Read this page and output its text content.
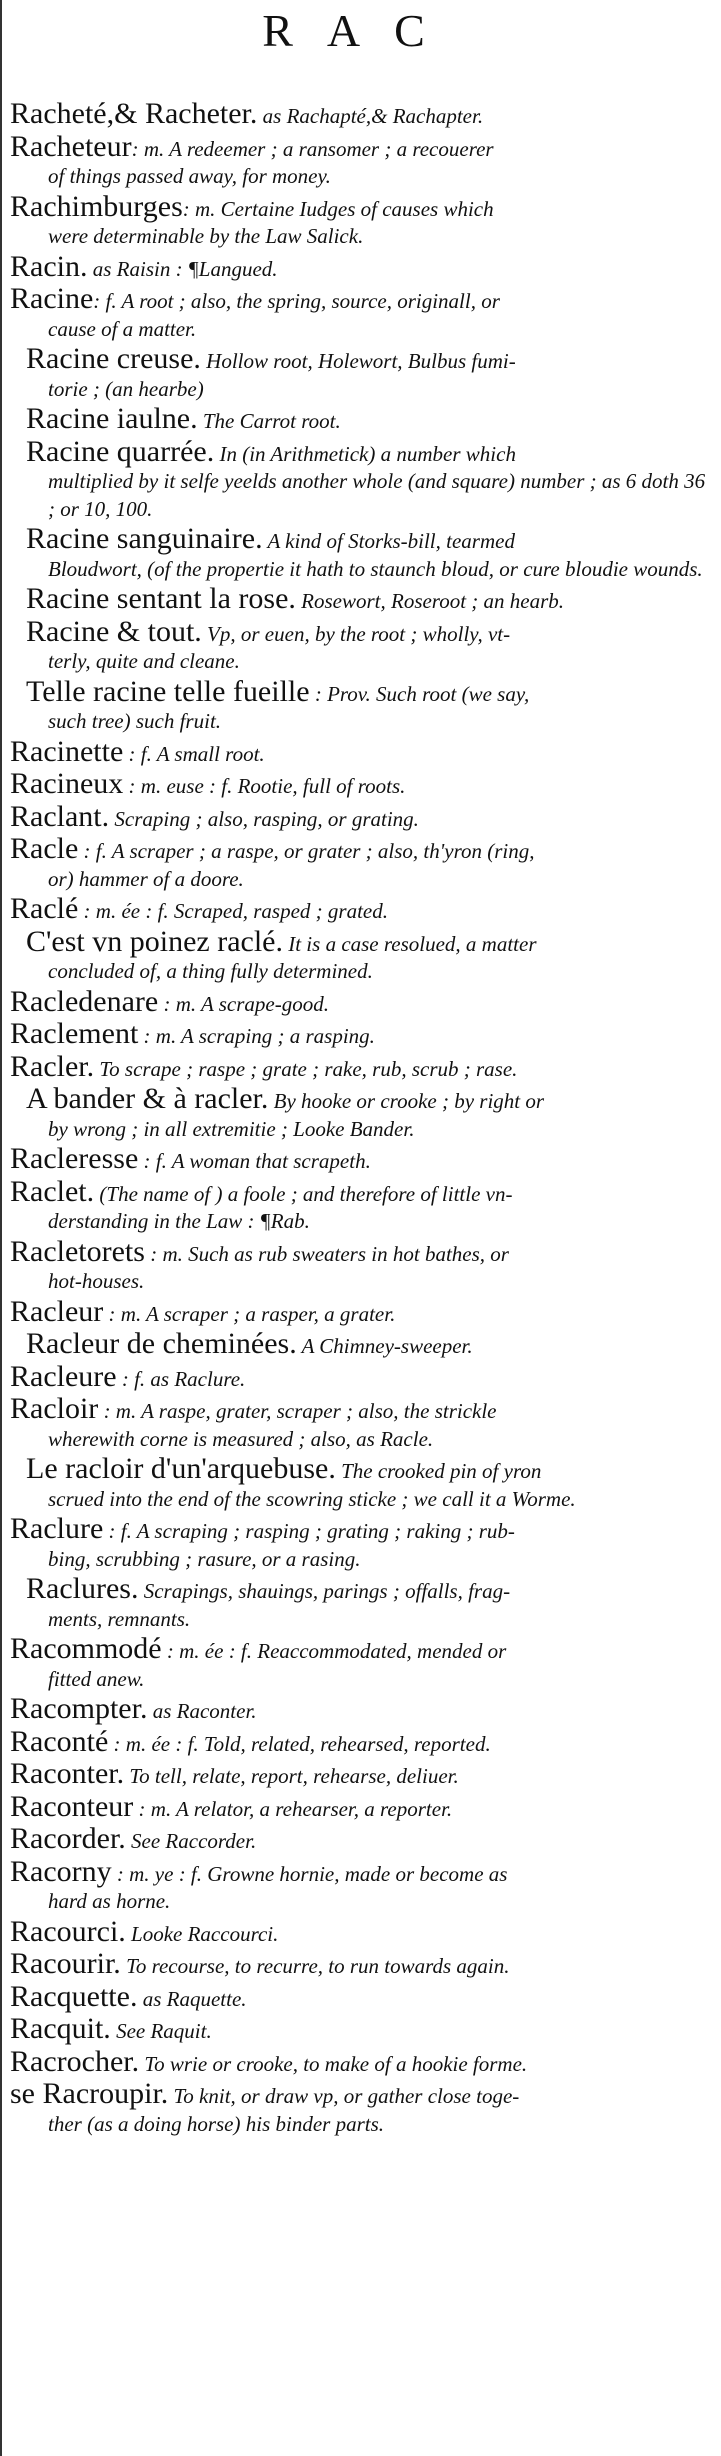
RAC
Racheté,& Racheter. as Rachapté,& Rachapter.
Racheteur: m. A redeemer ; a ransomer ; a recouerer
of things passed away, for money.
Rachimburges: m. Certaine Iudges of causes which
were determinable by the Law Salick.
Racin. as Raisin : ¶Langued.
Racine: f. A root ; also, the spring, source, originall, or
cause of a matter.
Racine creuse. Hollow root, Holewort, Bulbus fumi-
torie ; (an hearbe)
Racine iaulne. The Carrot root.
Racine quarrée. In (in Arithmetick) a number which
multiplied by it selfe yeelds another whole (and square) number ; as 6 doth 36 ; or 10, 100.
Racine sanguinaire. A kind of Storks-bill, tearmed
Bloudwort, (of the propertie it hath to staunch bloud, or cure bloudie wounds.
Racine sentant la rose. Rosewort, Roseroot ; an hearb.
Racine & tout. Vp, or euen, by the root ; wholly, vt-
terly, quite and cleane.
Telle racine telle fueille : Prov. Such root (we say,
such tree) such fruit.
Racinette : f. A small root.
Racineux : m. euse : f. Rootie, full of roots.
Raclant. Scraping ; also, rasping, or grating.
Racle : f. A scraper ; a raspe, or grater ; also, th'yron (ring,
or) hammer of a doore.
Raclé : m. ée : f. Scraped, rasped ; grated.
C'est vn poinez raclé. It is a case resolued, a matter
concluded of, a thing fully determined.
Racledenare : m. A scrape-good.
Raclement : m. A scraping ; a rasping.
Racler. To scrape ; raspe ; grate ; rake, rub, scrub ; rase.
A bander & à racler. By hooke or crooke ; by right or
by wrong ; in all extremitie ; Looke Bander.
Racleresse : f. A woman that scrapeth.
Raclet. (The name of ) a foole ; and therefore of little vn-
derstanding in the Law : ¶Rab.
Racletorets : m. Such as rub sweaters in hot bathes, or
hot-houses.
Racleur : m. A scraper ; a rasper, a grater.
Racleur de cheminées. A Chimney-sweeper.
Racleure : f. as Raclure.
Racloir : m. A raspe, grater, scraper ; also, the strickle
wherewith corne is measured ; also, as Racle.
Le racloir d'un'arquebuse. The crooked pin of yron
scrued into the end of the scowring sticke ; we call it a Worme.
Raclure : f. A scraping ; rasping ; grating ; raking ; rub-
bing, scrubbing ; rasure, or a rasing.
Raclures. Scrapings, shauings, parings ; offalls, frag-
ments, remnants.
Racommodé : m. ée : f. Reaccommodated, mended or
fitted anew.
Racompter. as Raconter.
Raconté : m. ée : f. Told, related, rehearsed, reported.
Raconter. To tell, relate, report, rehearse, deliuer.
Raconteur : m. A relator, a rehearser, a reporter.
Racorder. See Raccorder.
Racorny : m. ye : f. Growne hornie, made or become as
hard as horne.
Racourci. Looke Raccourci.
Racourir. To recourse, to recurre, to run towards again.
Racquette. as Raquette.
Racquit. See Raquit.
Racrocher. To wrie or crooke, to make of a hookie forme.
se Racroupir. To knit, or draw vp, or gather close toge-
ther (as a doing horse) his binder parts.
